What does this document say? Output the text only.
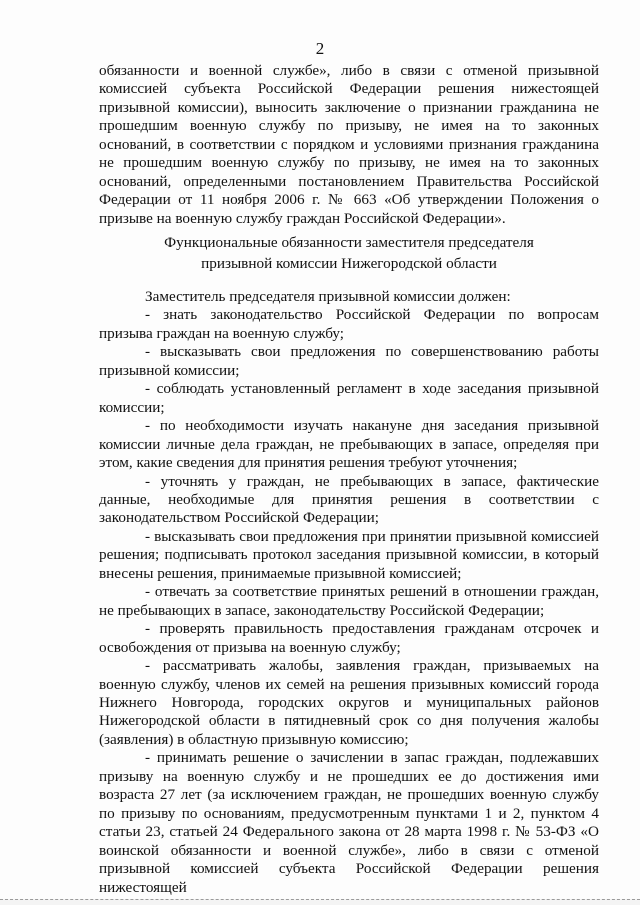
2

обязанности и военной службе», либо в связи с отменой призывной комиссией субъекта Российской Федерации решения нижестоящей призывной комиссии), выносить заключение о признании гражданина не прошедшим военную службу по призыву, не имея на то законных оснований, в соответствии с порядком и условиями признания гражданина не прошедшим военную службу по призыву, не имея на то законных оснований, определенными постановлением Правительства Российской Федерации от 11 ноября 2006 г. № 663 «Об утверждении Положения о призыве на военную службу граждан Российской Федерации».

Функциональные обязанности заместителя председателя
призывной комиссии Нижегородской области

Заместитель председателя призывной комиссии должен:

- знать законодательство Российской Федерации по вопросам призыва граждан на военную службу;

- высказывать свои предложения по совершенствованию работы призывной комиссии;

- соблюдать установленный регламент в ходе заседания призывной комиссии;

- по необходимости изучать накануне дня заседания призывной комиссии личные дела граждан, не пребывающих в запасе, определяя при этом, какие сведения для принятия решения требуют уточнения;

- уточнять у граждан, не пребывающих в запасе, фактические данные, необходимые для принятия решения в соответствии с законодательством Российской Федерации;

- высказывать свои предложения при принятии призывной комиссией решения; подписывать протокол заседания призывной комиссии, в который внесены решения, принимаемые призывной комиссией;

- отвечать за соответствие принятых решений в отношении граждан, не пребывающих в запасе, законодательству Российской Федерации;

- проверять правильность предоставления гражданам отсрочек и освобождения от призыва на военную службу;

- рассматривать жалобы, заявления граждан, призываемых на военную службу, членов их семей на решения призывных комиссий города Нижнего Новгорода, городских округов и муниципальных районов Нижегородской области в пятидневный срок со дня получения жалобы (заявления) в областную призывную комиссию;

- принимать решение о зачислении в запас граждан, подлежавших призыву на военную службу и не прошедших ее до достижения ими возраста 27 лет (за исключением граждан, не прошедших военную службу по призыву по основаниям, предусмотренным пунктами 1 и 2, пунктом 4 статьи 23, статьей 24 Федерального закона от 28 марта 1998 г. № 53-ФЗ «О воинской обязанности и военной службе», либо в связи с отменой призывной комиссией субъекта Российской Федерации решения нижестоящей
